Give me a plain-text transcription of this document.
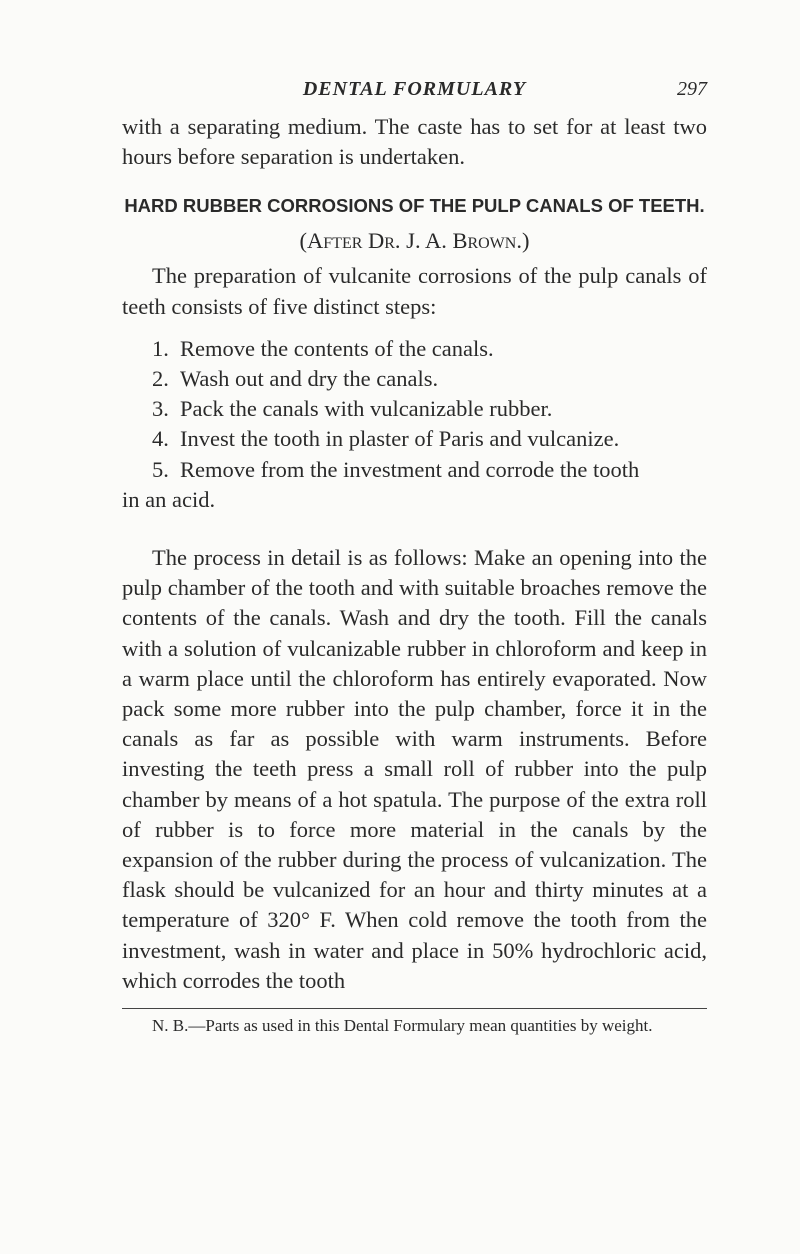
DENTAL FORMULARY	297

with a separating medium. The caste has to set for at least two hours before separation is undertaken.

HARD RUBBER CORROSIONS OF THE PULP CANALS OF TEETH.
(After Dr. J. A. Brown.)

The preparation of vulcanite corrosions of the pulp canals of teeth consists of five distinct steps:

1. Remove the contents of the canals.
2. Wash out and dry the canals.
3. Pack the canals with vulcanizable rubber.
4. Invest the tooth in plaster of Paris and vulcanize.
5. Remove from the investment and corrode the tooth

in an acid.

The process in detail is as follows: Make an opening into the pulp chamber of the tooth and with suitable broaches remove the contents of the canals. Wash and dry the tooth. Fill the canals with a solution of vulcanizable rubber in chloroform and keep in a warm place until the chloroform has entirely evaporated. Now pack some more rubber into the pulp chamber, force it in the canals as far as possible with warm instruments. Before investing the teeth press a small roll of rubber into the pulp chamber by means of a hot spatula. The purpose of the extra roll of rubber is to force more material in the canals by the expansion of the rubber during the process of vulcanization. The flask should be vulcanized for an hour and thirty minutes at a temperature of 320° F. When cold remove the tooth from the investment, wash in water and place in 50% hydrochloric acid, which corrodes the tooth

N. B.—Parts as used in this Dental Formulary mean quantities by weight.
